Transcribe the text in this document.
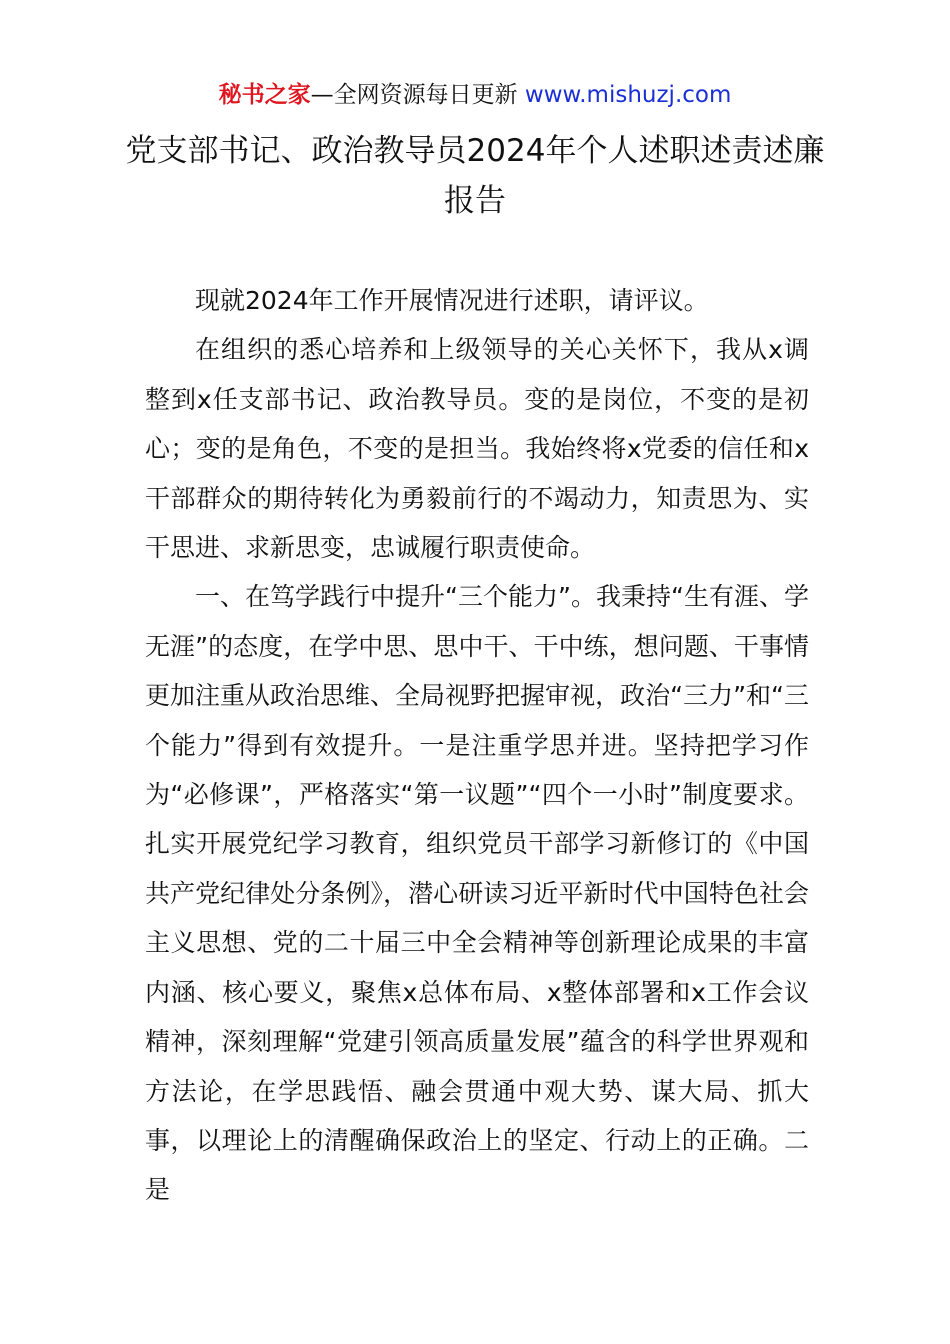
秘书之家—全网资源每日更新 www.mishuzj.com
党支部书记、政治教导员2024年个人述职述责述廉报告

现就2024年工作开展情况进行述职，请评议。

在组织的悉心培养和上级领导的关心关怀下，我从x调整到x任支部书记、政治教导员。变的是岗位，不变的是初心；变的是角色，不变的是担当。我始终将x党委的信任和x干部群众的期待转化为勇毅前行的不竭动力，知责思为、实干思进、求新思变，忠诚履行职责使命。

一、在笃学践行中提升“三个能力”。我秉持“生有涯、学无涯”的态度，在学中思、思中干、干中练，想问题、干事情更加注重从政治思维、全局视野把握审视，政治“三力”和“三个能力”得到有效提升。一是注重学思并进。坚持把学习作为“必修课”，严格落实“第一议题”“四个一小时”制度要求。扎实开展党纪学习教育，组织党员干部学习新修订的《中国共产党纪律处分条例》，潜心研读习近平新时代中国特色社会主义思想、党的二十届三中全会精神等创新理论成果的丰富内涵、核心要义，聚焦x总体布局、x整体部署和x工作会议精神，深刻理解“党建引领高质量发展”蕴含的科学世界观和方法论，在学思践悟、融会贯通中观大势、谋大局、抓大事，以理论上的清醒确保政治上的坚定、行动上的正确。二是
